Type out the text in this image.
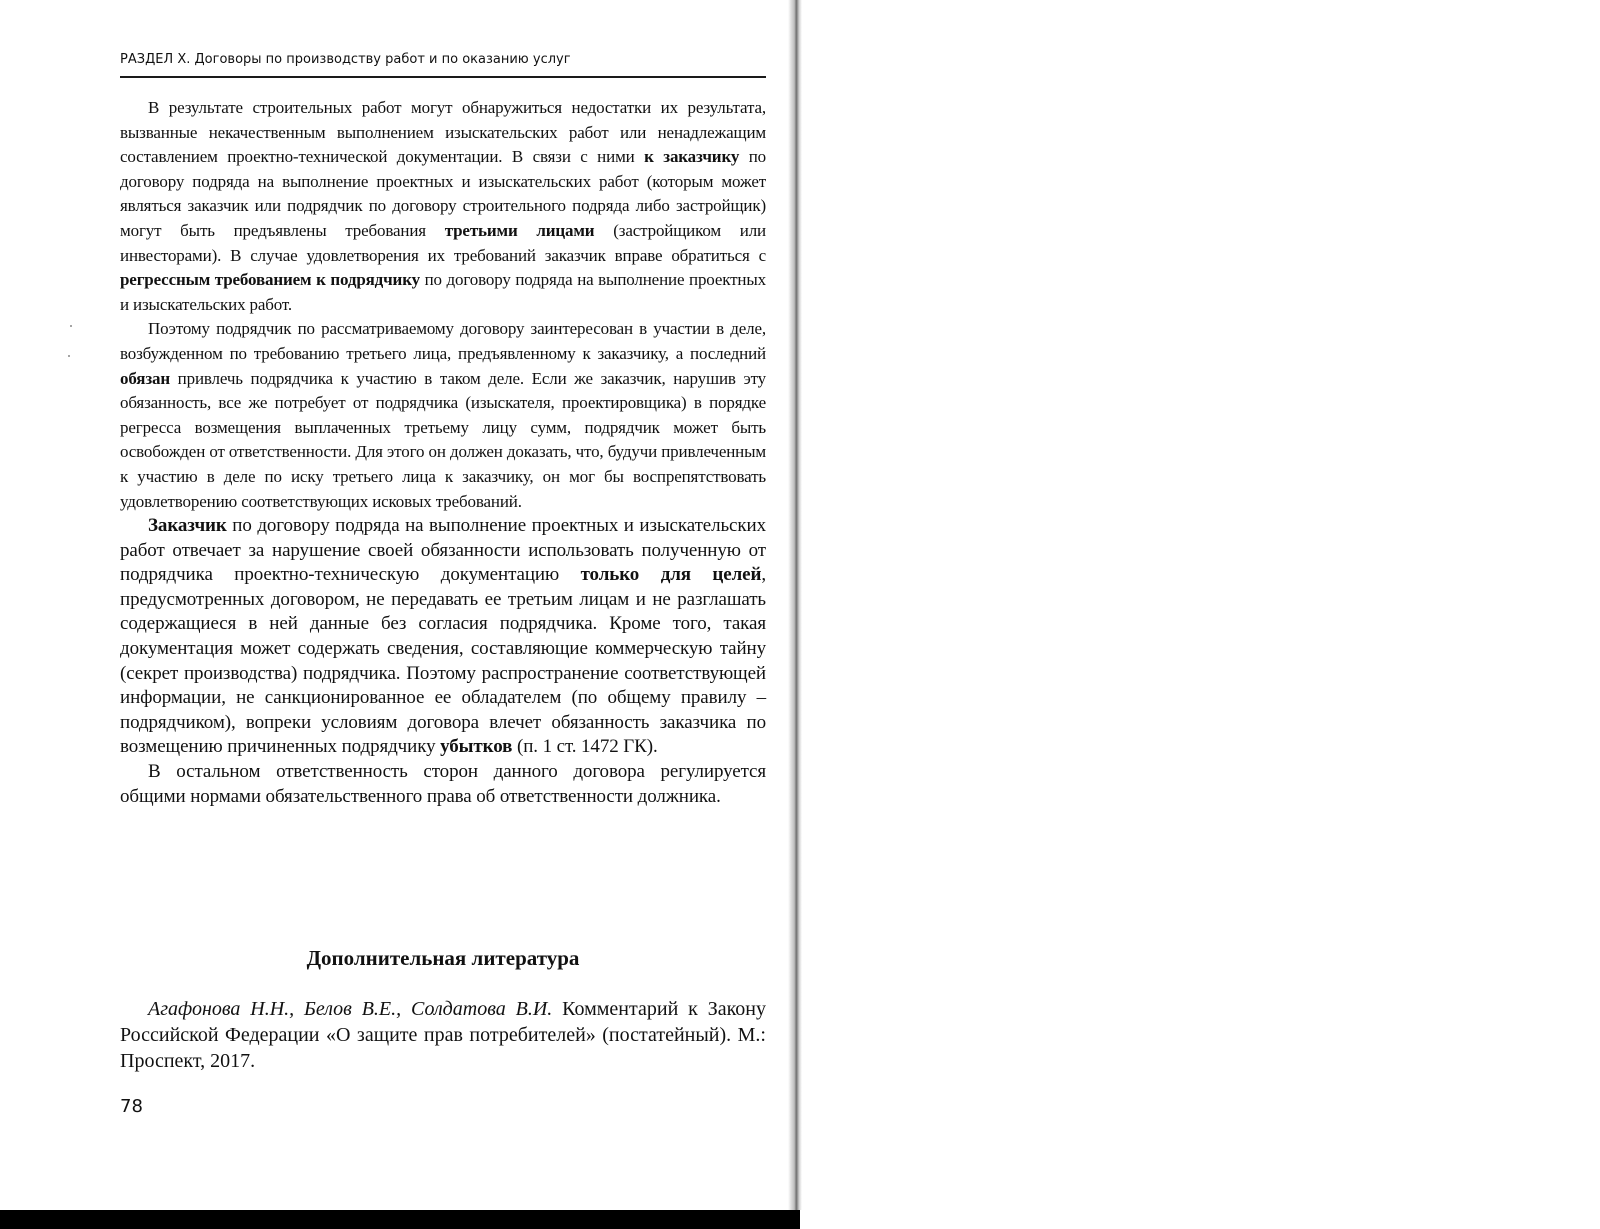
РАЗДЕЛ X. Договоры по производству работ и по оказанию услуг

В результате строительных работ могут обнаружиться недостатки их результата, вызванные некачественным выполнением изыскательских работ или ненадлежащим составлением проектно-технической документации. В связи с ними к заказчику по договору подряда на выполнение проектных и изыскательских работ (которым может являться заказчик или подрядчик по договору строительного подряда либо застройщик) могут быть предъявлены требования третьими лицами (застройщиком или инвесторами). В случае удовлетворения их требований заказчик вправе обратиться с регрессным требованием к подрядчику по договору подряда на выполнение проектных и изыскательских работ.

Поэтому подрядчик по рассматриваемому договору заинтересован в участии в деле, возбужденном по требованию третьего лица, предъявленному к заказчику, а последний обязан привлечь подрядчика к участию в таком деле. Если же заказчик, нарушив эту обязанность, все же потребует от подрядчика (изыскателя, проектировщика) в порядке регресса возмещения выплаченных третьему лицу сумм, подрядчик может быть освобожден от ответственности. Для этого он должен доказать, что, будучи привлеченным к участию в деле по иску третьего лица к заказчику, он мог бы воспрепятствовать удовлетворению соответствующих исковых требований.

Заказчик по договору подряда на выполнение проектных и изыскательских работ отвечает за нарушение своей обязанности использовать полученную от подрядчика проектно-техническую документацию только для целей, предусмотренных договором, не передавать ее третьим лицам и не разглашать содержащиеся в ней данные без согласия подрядчика. Кроме того, такая документация может содержать сведения, составляющие коммерческую тайну (секрет производства) подрядчика. Поэтому распространение соответствующей информации, не санкционированное ее обладателем (по общему правилу – подрядчиком), вопреки условиям договора влечет обязанность заказчика по возмещению причиненных подрядчику убытков (п. 1 ст. 1472 ГК).

В остальном ответственность сторон данного договора регулируется общими нормами обязательственного права об ответственности должника.

Дополнительная литература

Агафонова Н.Н., Белов В.Е., Солдатова В.И. Комментарий к Закону Российской Федерации «О защите прав потребителей» (постатейный). М.: Проспект, 2017.

78
